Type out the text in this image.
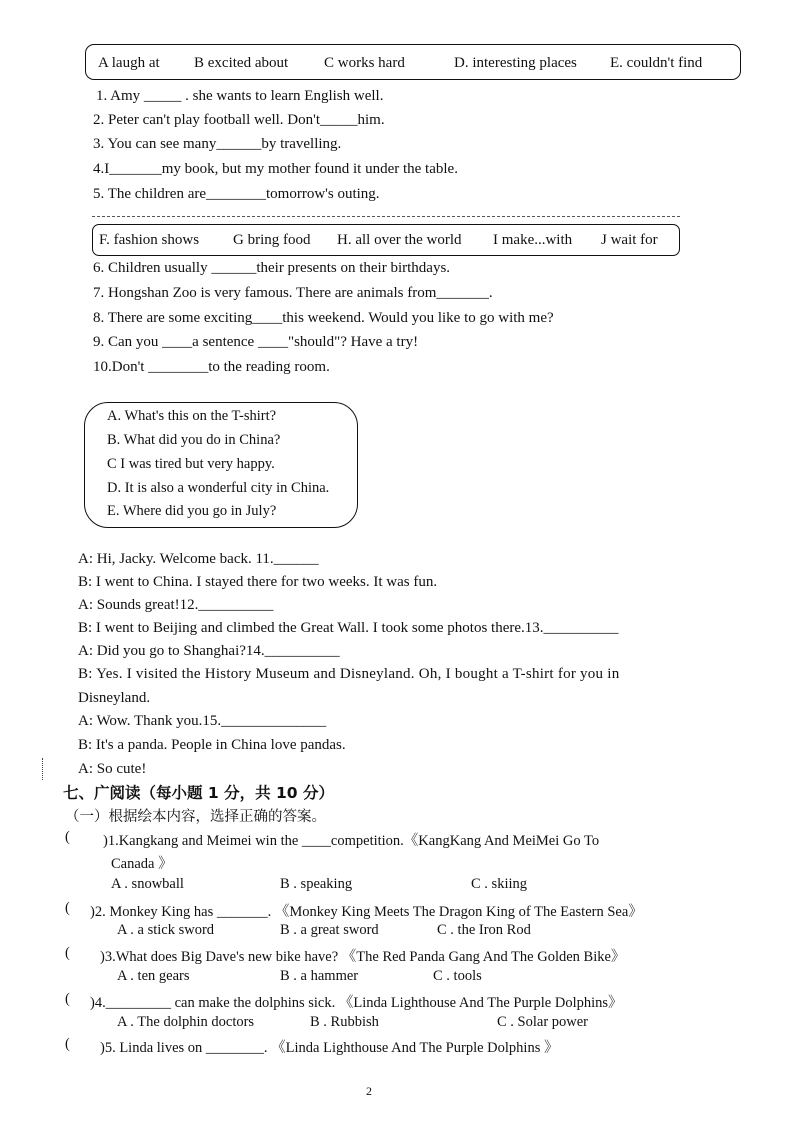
A laugh at B excited about C works hard	D. interesting places E. couldn't find
1. Amy _____ . she wants to learn English well.
2. Peter can't play football well. Don't_____him.
3. You can see many______by travelling.
4.I_______my book, but my mother found it under the table.
5. The children are________tomorrow's outing.
F. fashion shows G bring food H. all over the world I make...with J wait for
6. Children usually ______their presents on their birthdays.
7. Hongshan Zoo is very famous. There are animals from_______.
8. There are some exciting____this weekend. Would you like to go with me?
9. Can you ____a sentence ____"should"? Have a try!
10.Don't ________to the reading room.
A. What's this on the T-shirt?
B. What did you do in China?
C I was tired but very happy.
D. It is also a wonderful city in China.
E. Where did you go in July?
A: Hi, Jacky. Welcome back. 11.______
B: I went to China. I stayed there for two weeks. It was fun.
A: Sounds great!12.__________
B: I went to Beijing and climbed the Great Wall. I took some photos there.13.__________
A: Did you go to Shanghai?14.__________
B: Yes. I visited the History Museum and Disneyland. Oh, I bought a T-shirt for you in
Disneyland.
A: Wow. Thank you.15.______________
B: It's a panda. People in China love pandas.
A: So cute!
七、广阅读（每小题 1 分，共 10 分）
（一）根据绘本内容，选择正确的答案。
( )1.Kangkang and Meimei win the ____competition.《KangKang And MeiMei Go To
Canada 》
A . snowball	B . speaking	C . skiing
( )2. Monkey King has _______. 《Monkey King Meets The Dragon King of The Eastern Sea》
A . a stick sword	B . a great sword	C . the Iron Rod
( )3.What does Big Dave's new bike have? 《The Red Panda Gang And The Golden Bike》
A . ten gears	B . a hammer	C . tools
( )4._________ can make the dolphins sick. 《Linda Lighthouse And The Purple Dolphins》
A . The dolphin doctors	B . Rubbish	C . Solar power
( )5. Linda lives on ________. 《Linda Lighthouse And The Purple Dolphins 》
2
